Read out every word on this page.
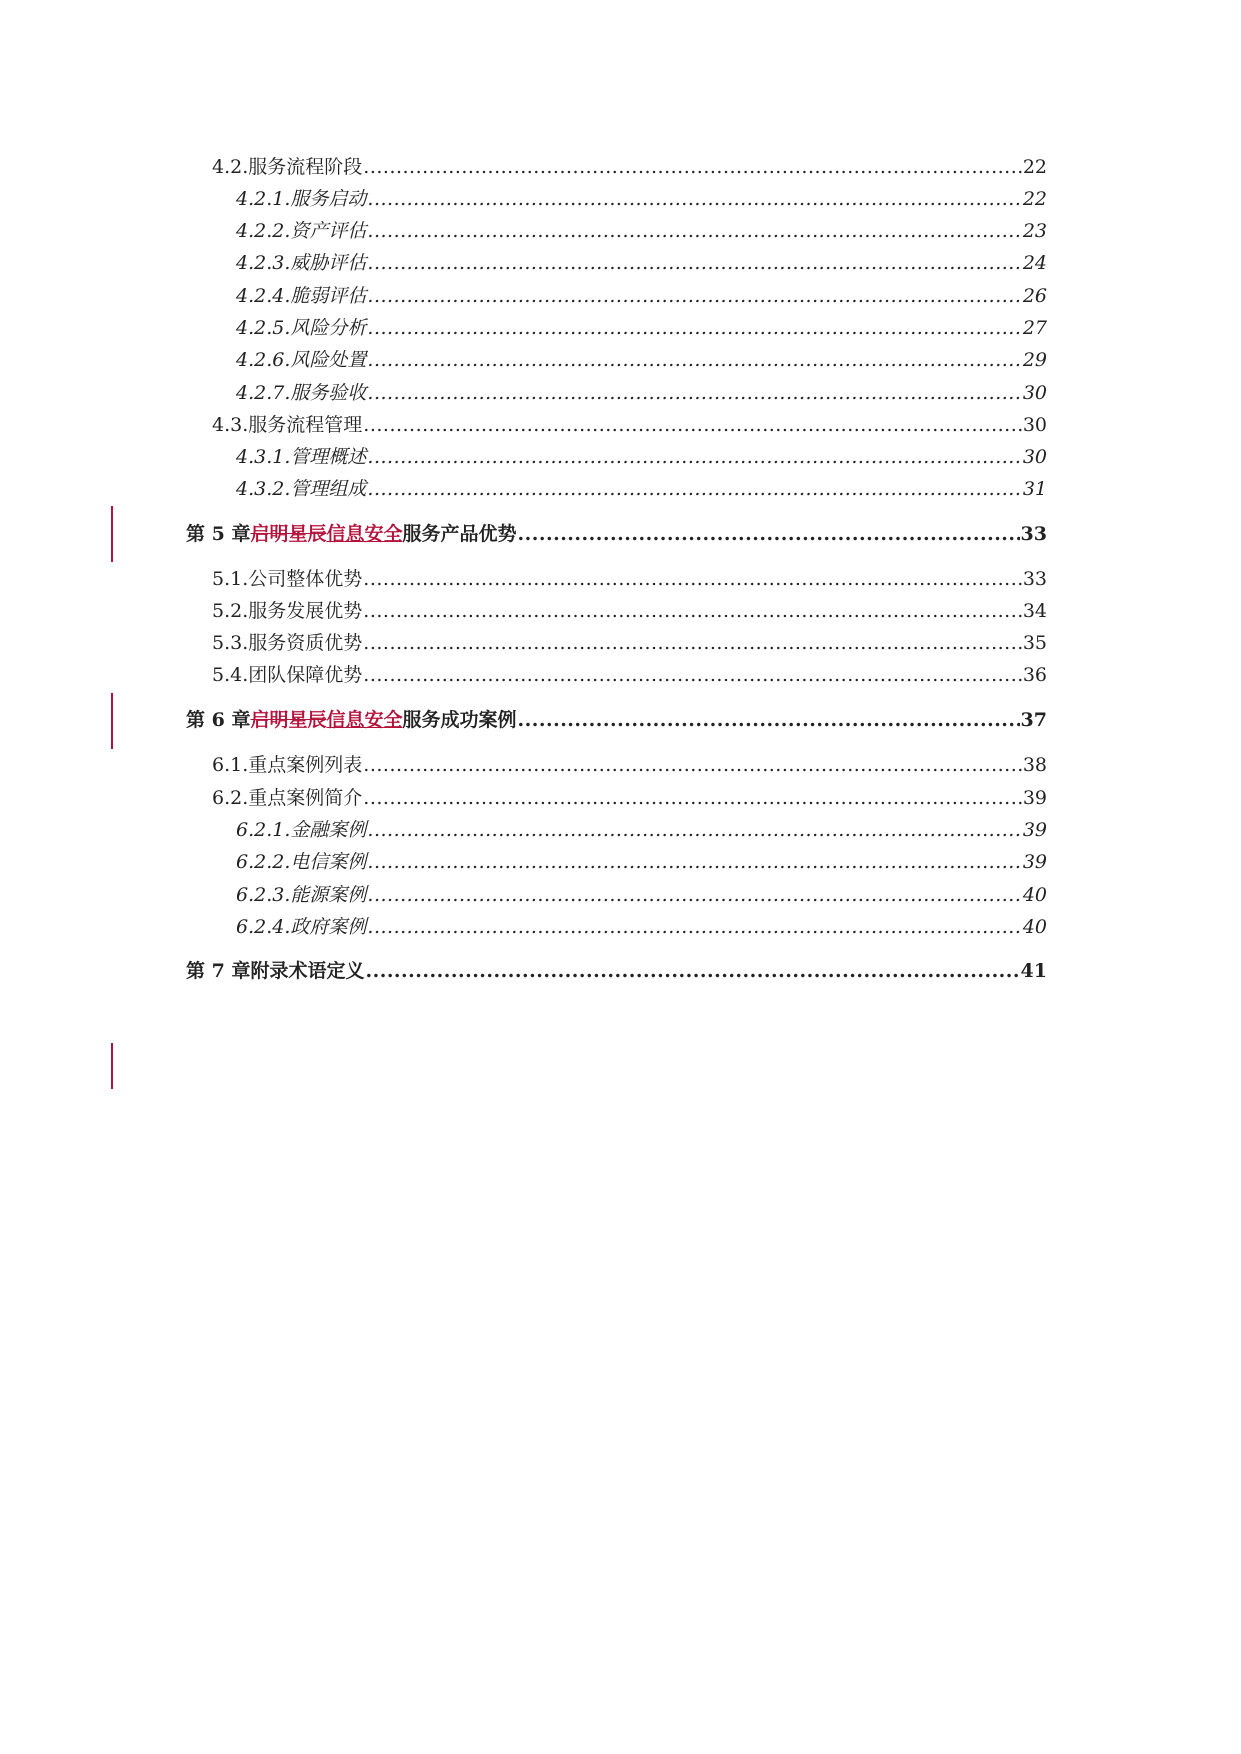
4.2. 服务流程阶段 .....	22
4.2.1. 服务启动 .....	22
4.2.2. 资产评估 .....	23
4.2.3. 威胁评估 .....	24
4.2.4. 脆弱评估 .....	26
4.2.5. 风险分析 .....	27
4.2.6. 风险处置 .....	29
4.2.7. 服务验收 .....	30
4.3. 服务流程管理 .....	30
4.3.1. 管理概述 .....	30
4.3.2. 管理组成 .....	31
第 5 章 启明星辰信息安全服务产品优势 .....	33
5.1. 公司整体优势 .....	33
5.2. 服务发展优势 .....	34
5.3. 服务资质优势 .....	35
5.4. 团队保障优势 .....	36
第 6 章 启明星辰信息安全服务成功案例 .....	37
6.1. 重点案例列表 .....	38
6.2. 重点案例简介 .....	39
6.2.1. 金融案例 .....	39
6.2.2. 电信案例 .....	39
6.2.3. 能源案例 .....	40
6.2.4. 政府案例 .....	40
第 7 章 附录术语定义 .....	41
